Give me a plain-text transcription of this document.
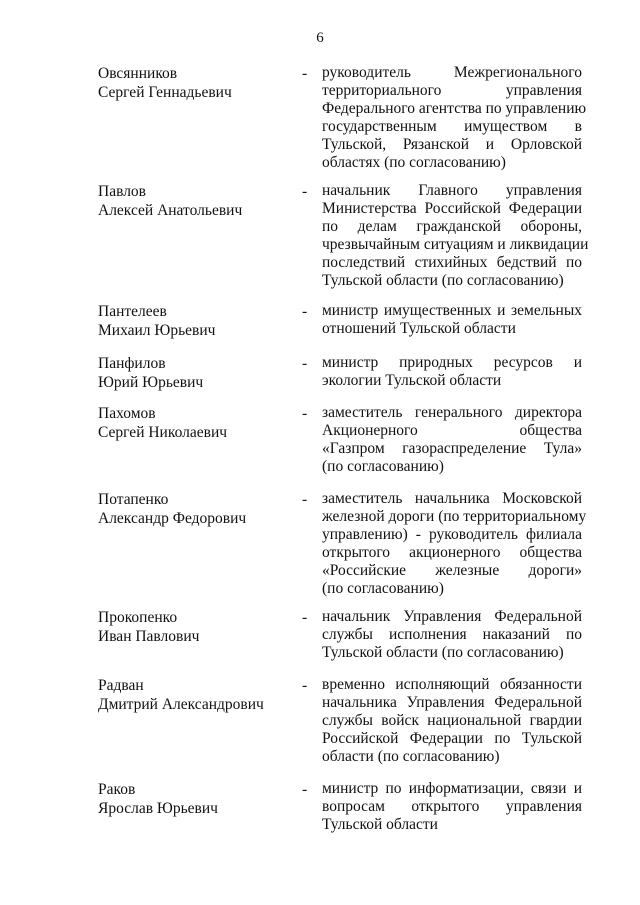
6
Овсянников
Сергей Геннадьевич
- руководитель Межрегионального
территориального управления
Федерального агентства по управлению
государственным имуществом в
Тульской, Рязанской и Орловской
областях (по согласованию)
Павлов
Алексей Анатольевич
- начальник Главного управления
Министерства Российской Федерации
по делам гражданской обороны,
чрезвычайным ситуациям и ликвидации
последствий стихийных бедствий по
Тульской области (по согласованию)
Пантелеев
Михаил Юрьевич
- министр имущественных и земельных
отношений Тульской области
Панфилов
Юрий Юрьевич
- министр природных ресурсов и
экологии Тульской области
Пахомов
Сергей Николаевич
- заместитель генерального директора
Акционерного общества
«Газпром газораспределение Тула»
(по согласованию)
Потапенко
Александр Федорович
- заместитель начальника Московской
железной дороги (по территориальному
управлению) - руководитель филиала
открытого акционерного общества
«Российские железные дороги»
(по согласованию)
Прокопенко
Иван Павлович
- начальник Управления Федеральной
службы исполнения наказаний по
Тульской области (по согласованию)
Радван
Дмитрий Александрович
- временно исполняющий обязанности
начальника Управления Федеральной
службы войск национальной гвардии
Российской Федерации по Тульской
области (по согласованию)
Раков
Ярослав Юрьевич
- министр по информатизации, связи и
вопросам открытого управления
Тульской области
